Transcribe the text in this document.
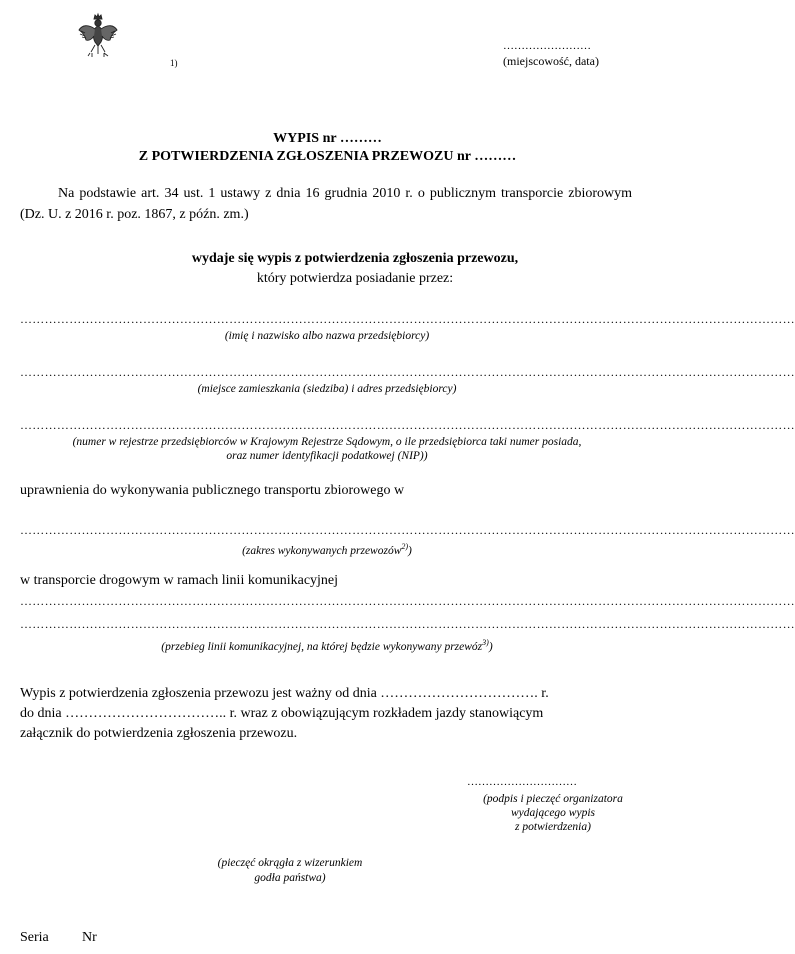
1)
……………………
(miejscowość, data)
WYPIS nr ………
Z POTWIERDZENIA ZGŁOSZENIA PRZEWOZU nr ………
Na podstawie art. 34 ust. 1 ustawy z dnia 16 grudnia 2010 r. o publicznym transporcie zbiorowym (Dz. U. z 2016 r. poz. 1867, z późn. zm.)
wydaje się wypis z potwierdzenia zgłoszenia przewozu,
który potwierdza posiadanie przez:
………………………………………………………………………………………………………………………………………………………………………
(imię i nazwisko albo nazwa przedsiębiorcy)
………………………………………………………………………………………………………………………………………………………………………
(miejsce zamieszkania (siedziba) i adres przedsiębiorcy)
………………………………………………………………………………………………………………………………………………………………………
(numer w rejestrze przedsiębiorców w Krajowym Rejestrze Sądowym, o ile przedsiębiorca taki numer posiada,
oraz numer identyfikacji podatkowej (NIP))
uprawnienia do wykonywania publicznego transportu zbiorowego w
………………………………………………………………………………………………………………………………………………………………………
(zakres wykonywanych przewozów$^{2)}$)
w transporcie drogowym w ramach linii komunikacyjnej
………………………………………………………………………………………………………………………………………………………………………
………………………………………………………………………………………………………………………………………………………………………
(przebieg linii komunikacyjnej, na której będzie wykonywany przewóz$^{3)}$)
Wypis z potwierdzenia zgłoszenia przewozu jest ważny od dnia ……………………………. r.
do dnia …………………………….. r. wraz z obowiązującym rozkładem jazdy stanowiącym
załącznik do potwierdzenia zgłoszenia przewozu.
…………………………
(podpis i pieczęć organizatora
wydającego wypis
z potwierdzenia)
(pieczęć okrągła z wizerunkiem
godła państwa)
Seria Nr
